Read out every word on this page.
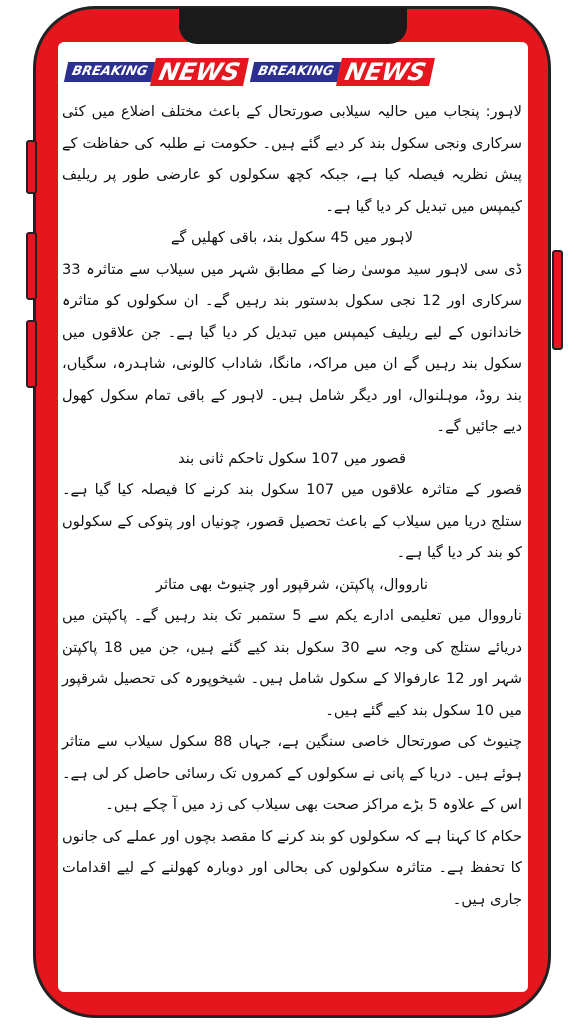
BREAKING NEWS	BREAKING NEWS

لاہور: پنجاب میں حالیہ سیلابی صورتحال کے باعث مختلف اضلاع میں کئی سرکاری ونجی سکول بند کر دیے گئے ہیں۔ حکومت نے طلبہ کی حفاظت کے پیش نظریہ فیصلہ کیا ہے، جبکہ کچھ سکولوں کو عارضی طور پر ریلیف کیمپس میں تبدیل کر دیا گیا ہے۔

لاہور میں 45 سکول بند، باقی کھلیں گے

ڈی سی لاہور سید موسیٰ رضا کے مطابق شہر میں سیلاب سے متاثرہ 33 سرکاری اور 12 نجی سکول بدستور بند رہیں گے۔ ان سکولوں کو متاثرہ خاندانوں کے لیے ریلیف کیمپس میں تبدیل کر دیا گیا ہے۔ جن علاقوں میں سکول بند رہیں گے ان میں مراکہ، مانگا، شاداب کالونی، شاہدرہ، سگیاں، بند روڈ، موہلنوال، اور دیگر شامل ہیں۔ لاہور کے باقی تمام سکول کھول دیے جائیں گے۔

قصور میں 107 سکول تاحکم ثانی بند

قصور کے متاثرہ علاقوں میں 107 سکول بند کرنے کا فیصلہ کیا گیا ہے۔ ستلج دریا میں سیلاب کے باعث تحصیل قصور، چونیاں اور پتوکی کے سکولوں کو بند کر دیا گیا ہے۔

نارووال، پاکپتن، شرقپور اور چنیوٹ بھی متاثر

نارووال میں تعلیمی ادارے یکم سے 5 ستمبر تک بند رہیں گے۔ پاکپتن میں دریائے ستلج کی وجہ سے 30 سکول بند کیے گئے ہیں، جن میں 18 پاکپتن شہر اور 12 عارفوالا کے سکول شامل ہیں۔ شیخوپورہ کی تحصیل شرقپور میں 10 سکول بند کیے گئے ہیں۔

چنیوٹ کی صورتحال خاصی سنگین ہے، جہاں 88 سکول سیلاب سے متاثر ہوئے ہیں۔ دریا کے پانی نے سکولوں کے کمروں تک رسائی حاصل کر لی ہے۔ اس کے علاوہ 5 بڑے مراکز صحت بھی سیلاب کی زد میں آ چکے ہیں۔

حکام کا کہنا ہے کہ سکولوں کو بند کرنے کا مقصد بچوں اور عملے کی جانوں کا تحفظ ہے۔ متاثرہ سکولوں کی بحالی اور دوبارہ کھولنے کے لیے اقدامات جاری ہیں۔
